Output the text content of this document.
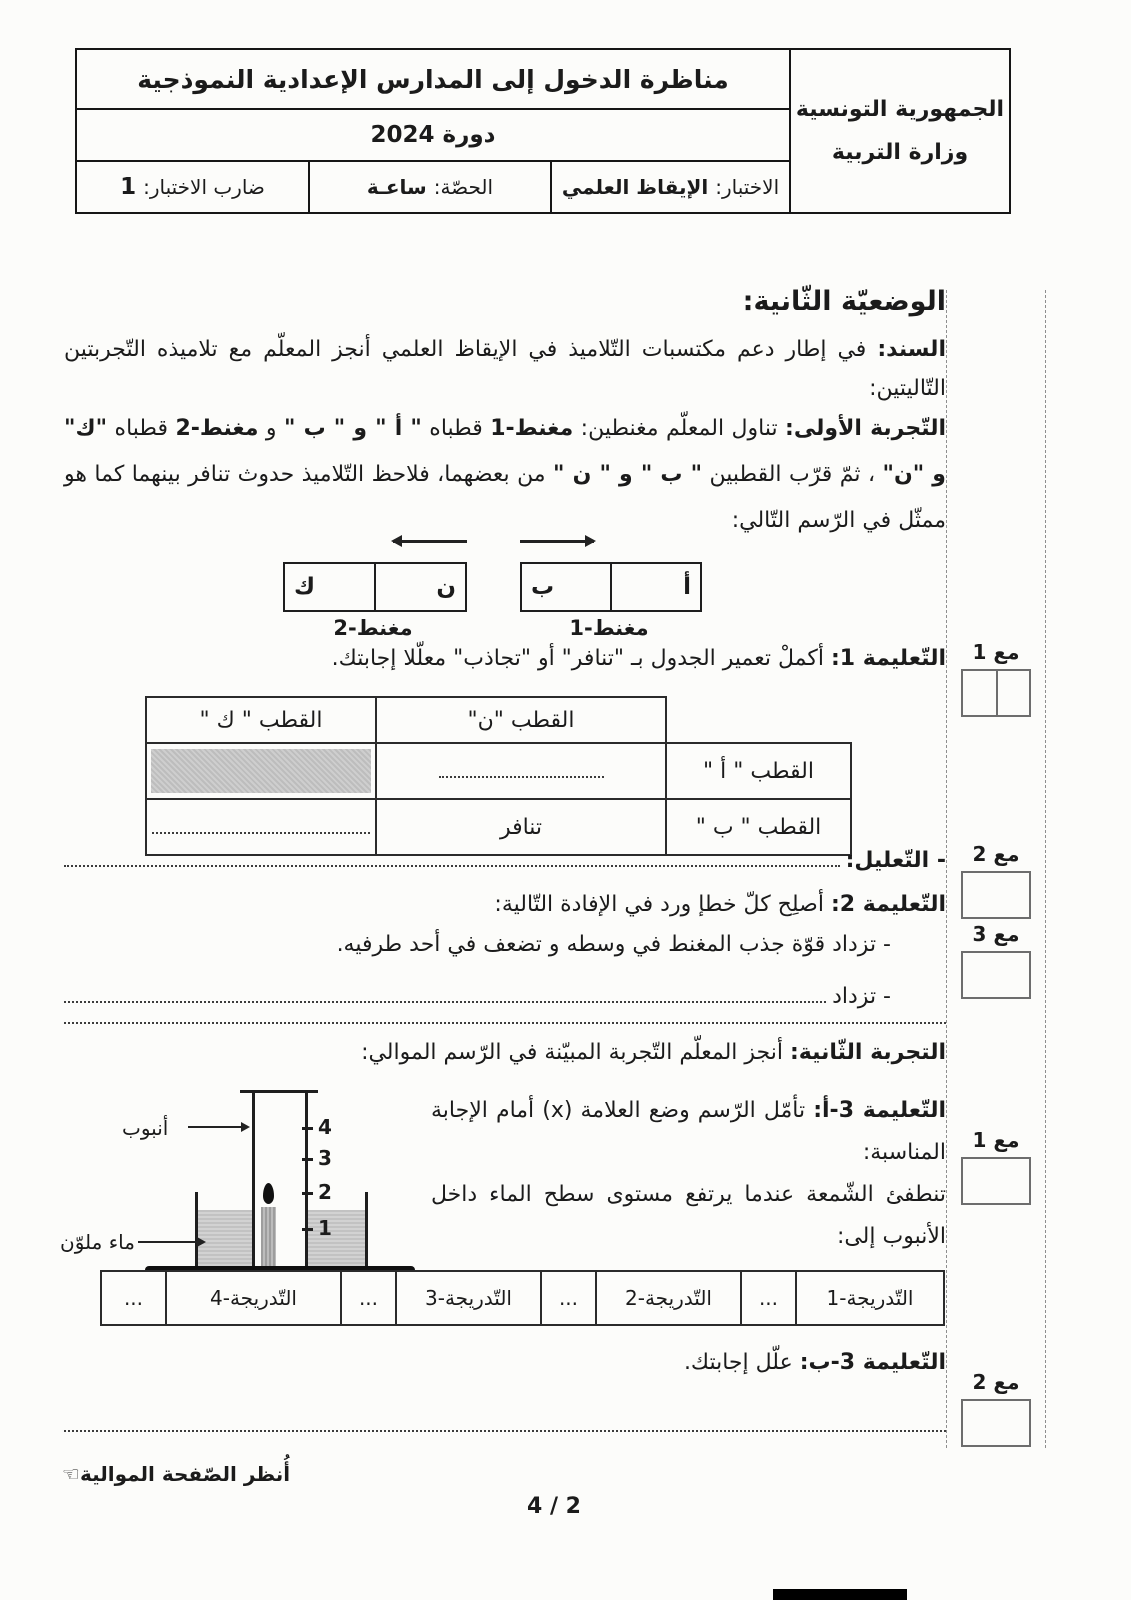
الجمهورية التونسية
وزارة التربية
مناظرة الدخول إلى المدارس الإعدادية النموذجية
دورة 2024
الاختبار:
الإيقاظ العلمي
الحصّة:
ساعـة
ضارب الاختبار:
1
مع 1
مع 2
مع 3
مع 1
مع 2
الوضعيّة الثّانية:
السند: في إطار دعم مكتسبات التّلاميذ في الإيقاظ العلمي أنجز المعلّم مع تلاميذه التّجربتين التّاليتين:
التّجربة الأولى: تناول المعلّم مغنطين: مغنط-1 قطباه " أ " و " ب " و مغنط-2 قطباه "ك" و "ن" ، ثمّ قرّب القطبين " ب " و " ن " من بعضهما، فلاحظ التّلاميذ حدوث تنافر بينهما كما هو ممثّل في الرّسم التّالي:
ك	ن	ب	أ
مغنط-2	مغنط-1
التّعليمة 1: أكملْ تعمير الجدول بـ "تنافر" أو "تجاذب" معلّلا إجابتك.
	القطب "ن"	القطب " ك "
القطب " أ "		

القطب " ب "	تنافر	
- التّعليل:
التّعليمة 2: أصلِح كلّ خطإ ورد في الإفادة التّالية:
- تزداد قوّة جذب المغنط في وسطه و تضعف في أحد طرفيه.
- تزداد
التجربة الثّانية: أنجز المعلّم التّجربة المبيّنة في الرّسم الموالي:
التّعليمة 3-أ: تأمّل الرّسم وضع العلامة (x) أمام الإجابة المناسبة:
تنطفئ الشّمعة عندما يرتفع مستوى سطح الماء داخل الأنبوب إلى:
4
3
2
1
أنبوب
ماء ملوّن
التّدريجة-1	...	التّدريجة-2	...	التّدريجة-3	...	التّدريجة-4	...
التّعليمة 3-ب: علّل إجابتك.
أُنظر الصّفحة الموالية☜
4 / 2
